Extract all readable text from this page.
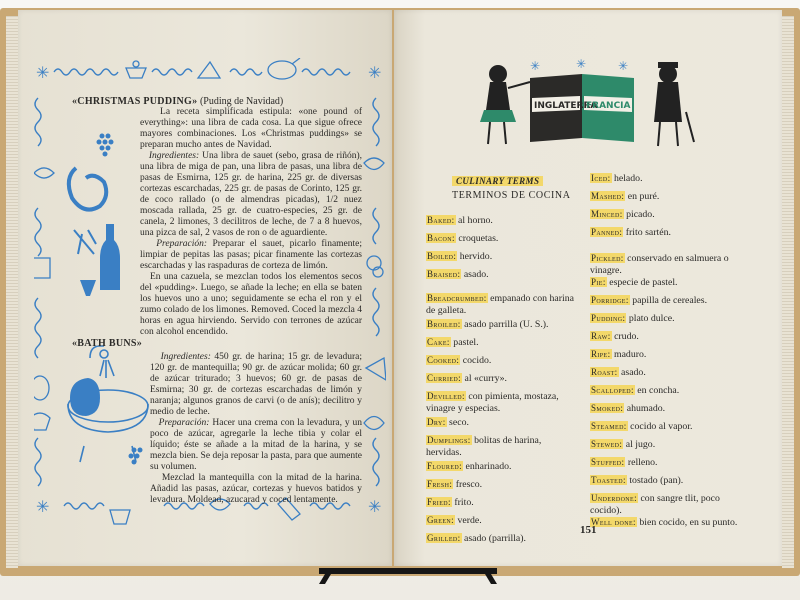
✳	✳
✳	✳
«CHRISTMAS PUDDING» (Puding de Navidad)
La receta simplificada estipula: «one pound of everything»: una libra de cada cosa. La que sigue ofrece mayores combinaciones. Los «Christmas puddings» se preparan mucho antes de Navidad.
Ingredientes: Una libra de sauet (sebo, grasa de riñón), una libra de miga de pan, una libra de pasas, una libra de pasas de Esmirna, 125 gr. de harina, 225 gr. de diversas cortezas escarchadas, 225 gr. de pasas de Corinto, 125 gr. de coco rallado (o de almendras picadas), 1/2 nuez moscada rallada, 25 gr. de cuatro-especies, 25 gr. de canela, 2 limones, 3 decilitros de leche, de 7 a 8 huevos, una pizca de sal, 2 vasos de ron o de aguardiente.
Preparación: Preparar el sauet, picarlo finamente; limpiar de pepitas las pasas; picar finamente las cortezas escarchadas y las raspaduras de corteza de limón.
En una cazuela, se mezclan todos los elementos secos del «pudding». Luego, se añade la leche; en ella se baten los huevos uno a uno; seguidamente se echa el ron y el zumo colado de los limones. Removed. Coced la mezcla 4 horas en agua hirviendo. Servido con terrones de azúcar con alcohol encendido.
«BATH BUNS»
Ingredientes: 450 gr. de harina; 15 gr. de levadura; 120 gr. de mantequilla; 90 gr. de azúcar molida; 60 gr. de azúcar triturado; 3 huevos; 60 gr. de pasas de Esmirna; 30 gr. de cortezas escarchadas de limón y naranja; algunos granos de carvi (o de anís); decilitro y medio de leche.
Preparación: Hacer una crema con la levadura, y un poco de azúcar, agregarle la leche tibia y colar el líquido; éste se añade a la mitad de la harina, y se mezcla bien. Se deja reposar la pasta, para que aumente su volumen.
Mezclad la mantequilla con la mitad de la harina. Añadid las pasas, azúcar, cortezas y huevos batidos y levadura. Moldead, azucarad y coced lentamente.
✳	✳	✳
INGLATERRA
FRANCIA
CULINARY TERMS
TERMINOS DE COCINA
Baked: al horno.
Bacon: croquetas.
Boiled: hervido.
Braised: asado.
Breadcrumbed: empanado con harina de galleta.
Broiled: asado parrilla (U. S.).
Cake: pastel.
Cooked: cocido.
Curried: al «curry».
Devilled: con pimienta, mostaza, vinagre y especias.
Dry: seco.
Dumplings: bolitas de harina, hervidas.
Floured: enharinado.
Fresh: fresco.
Fried: frito.
Green: verde.
Grilled: asado (parrilla).
Iced: helado.
Mashed: en puré.
Minced: picado.
Panned: frito sartén.
Pickled: conservado en salmuera o vinagre.
Pie: especie de pastel.
Porridge: papilla de cereales.
Pudding: plato dulce.
Raw: crudo.
Ripe: maduro.
Roast: asado.
Scalloped: en concha.
Smoked: ahumado.
Steamed: cocido al vapor.
Stewed: al jugo.
Stuffed: relleno.
Toasted: tostado (pan).
Underdone: con sangre tlit, poco cocido).
Well done: bien cocido, en su punto.
151
